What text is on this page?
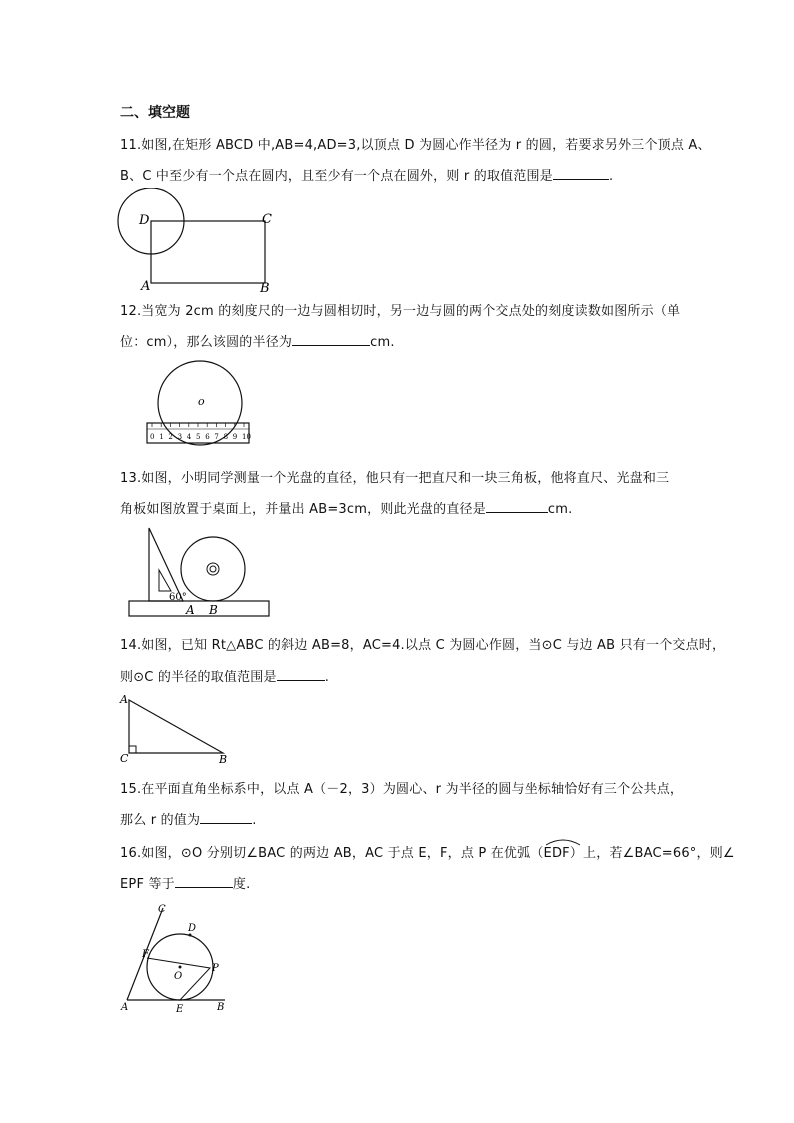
二、填空题
11.如图,在矩形 ABCD 中,AB=4,AD=3,以顶点 D 为圆心作半径为 r 的圆，若要求另外三个顶点 A、
B、C 中至少有一个点在圆内，且至少有一个点在圆外，则 r 的取值范围是	.
D	C
A	B
12.当宽为 2cm 的刻度尺的一边与圆相切时，另一边与圆的两个交点处的刻度读数如图所示（单
位：cm），那么该圆的半径为	cm.
o
0 1 2 3 4 5 6 7 8 9 10
13.如图，小明同学测量一个光盘的直径，他只有一把直尺和一块三角板，他将直尺、光盘和三
角板如图放置于桌面上，并量出 AB=3cm，则此光盘的直径是	cm.
60°
A B
14.如图，已知 Rt△ABC 的斜边 AB=8，AC=4.以点 C 为圆心作圆，当⊙C 与边 AB 只有一个交点时，
则⊙C 的半径的取值范围是	.
A
C	B
15.在平面直角坐标系中，以点 A（－2，3）为圆心、r 为半径的圆与坐标轴恰好有三个公共点，
那么 r 的值为	.
16.如图，⊙O 分别切∠BAC 的两边 AB，AC 于点 E，F，点 P 在优弧（
EDF）上，若∠BAC=66°，则∠
EPF 等于	度.
C
D
F
P
O
A	E	B
